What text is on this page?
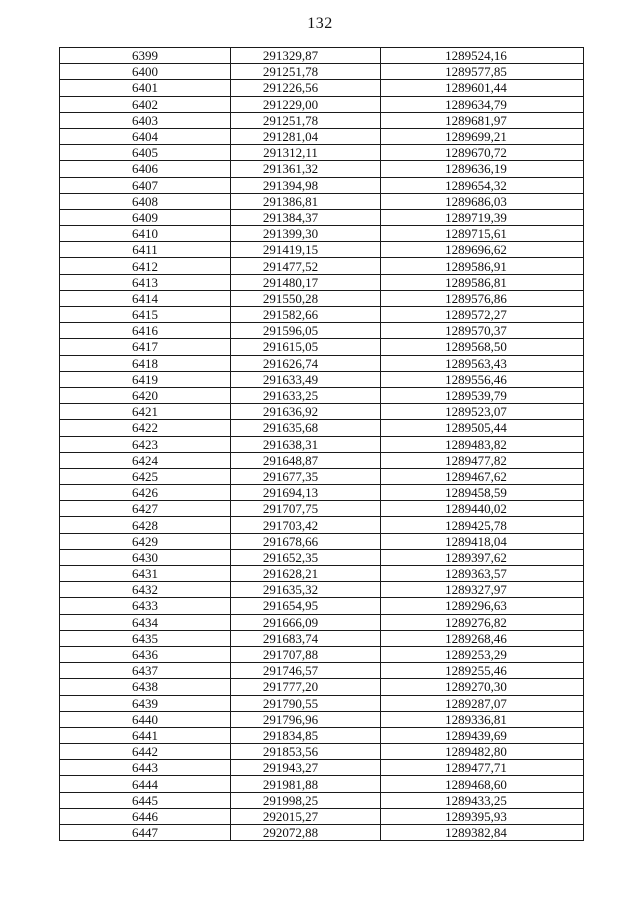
132
6399	291329,87	1289524,16
6400	291251,78	1289577,85
6401	291226,56	1289601,44
6402	291229,00	1289634,79
6403	291251,78	1289681,97
6404	291281,04	1289699,21
6405	291312,11	1289670,72
6406	291361,32	1289636,19
6407	291394,98	1289654,32
6408	291386,81	1289686,03
6409	291384,37	1289719,39
6410	291399,30	1289715,61
6411	291419,15	1289696,62
6412	291477,52	1289586,91
6413	291480,17	1289586,81
6414	291550,28	1289576,86
6415	291582,66	1289572,27
6416	291596,05	1289570,37
6417	291615,05	1289568,50
6418	291626,74	1289563,43
6419	291633,49	1289556,46
6420	291633,25	1289539,79
6421	291636,92	1289523,07
6422	291635,68	1289505,44
6423	291638,31	1289483,82
6424	291648,87	1289477,82
6425	291677,35	1289467,62
6426	291694,13	1289458,59
6427	291707,75	1289440,02
6428	291703,42	1289425,78
6429	291678,66	1289418,04
6430	291652,35	1289397,62
6431	291628,21	1289363,57
6432	291635,32	1289327,97
6433	291654,95	1289296,63
6434	291666,09	1289276,82
6435	291683,74	1289268,46
6436	291707,88	1289253,29
6437	291746,57	1289255,46
6438	291777,20	1289270,30
6439	291790,55	1289287,07
6440	291796,96	1289336,81
6441	291834,85	1289439,69
6442	291853,56	1289482,80
6443	291943,27	1289477,71
6444	291981,88	1289468,60
6445	291998,25	1289433,25
6446	292015,27	1289395,93
6447	292072,88	1289382,84
